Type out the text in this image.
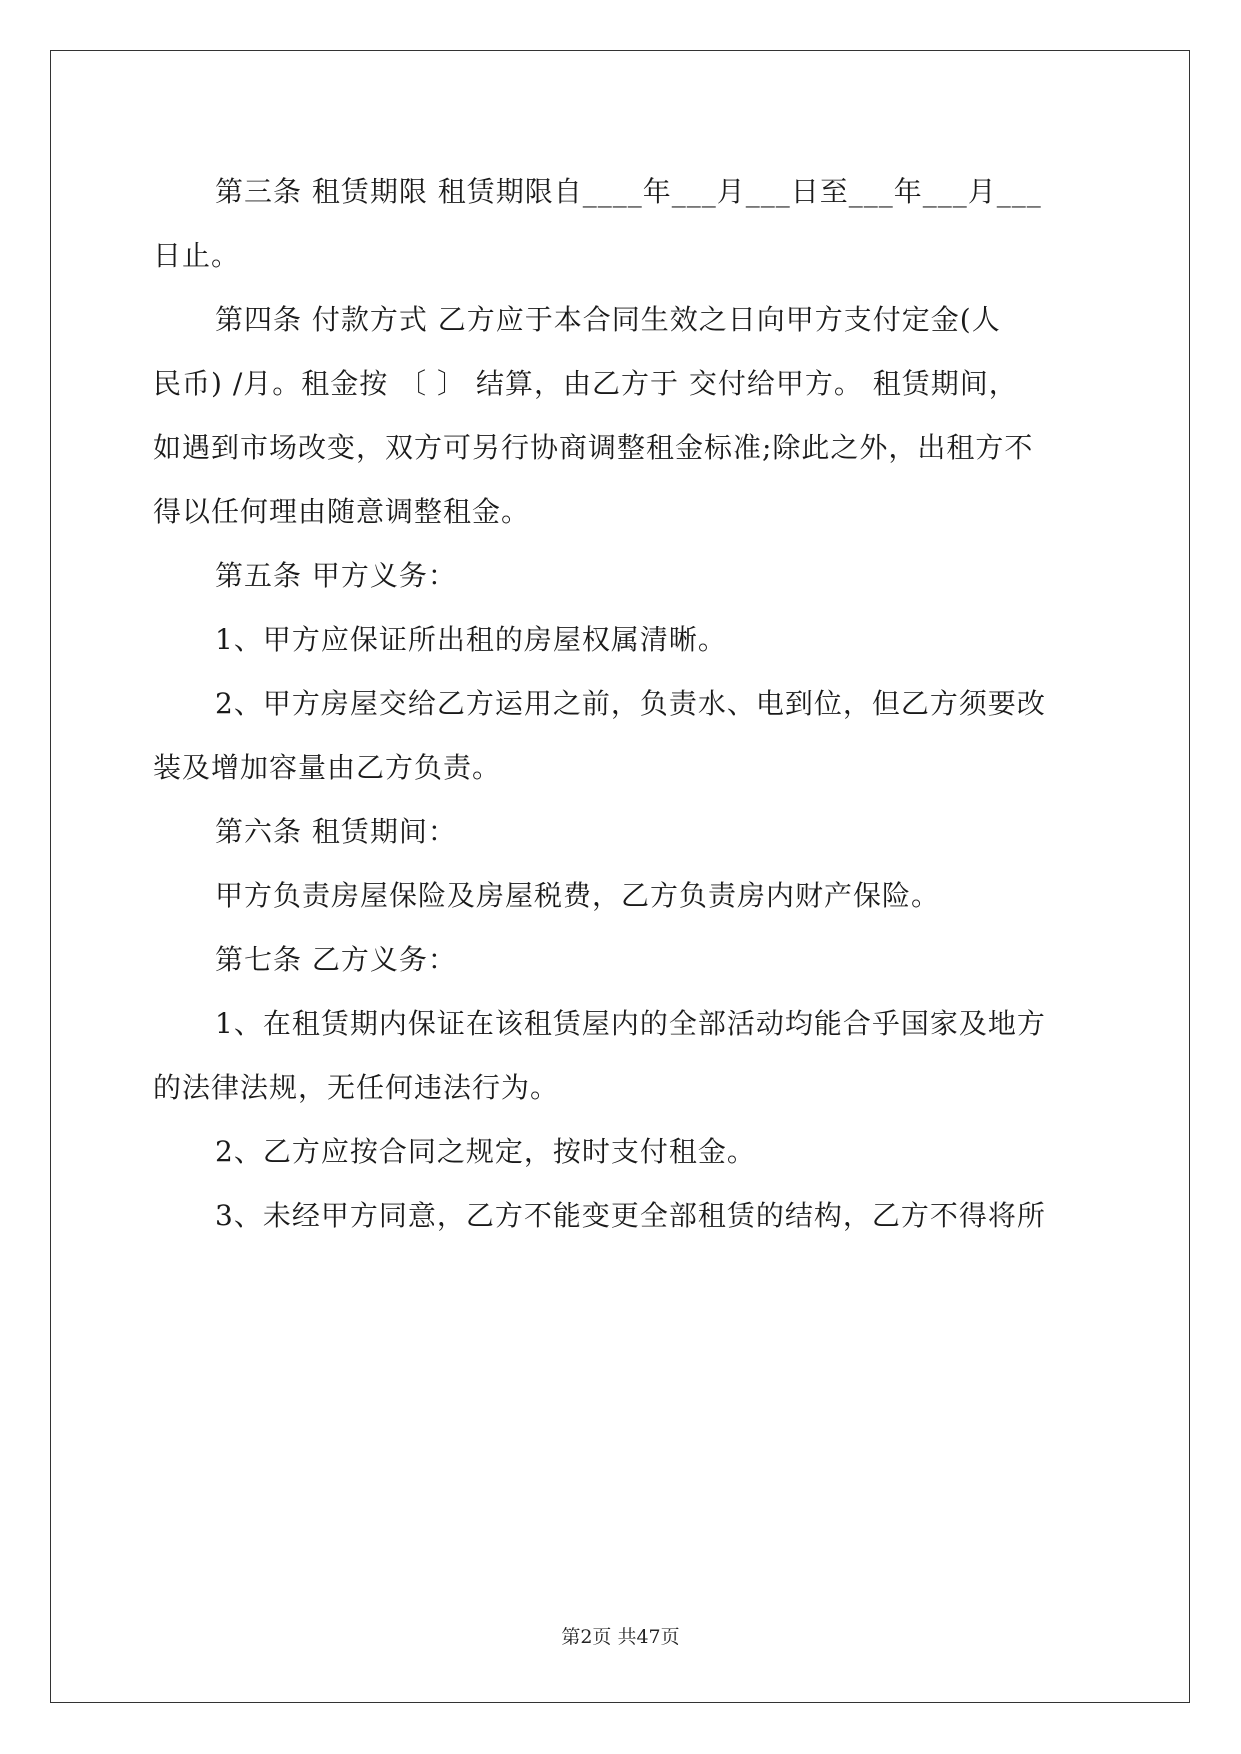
第三条 租赁期限 租赁期限自____年___月___日至___年___月___

日止。

第四条 付款方式 乙方应于本合同生效之日向甲方支付定金(人

民币) /月。租金按 〔 〕 结算，由乙方于 交付给甲方。 租赁期间，

如遇到市场改变，双方可另行协商调整租金标准;除此之外，出租方不

得以任何理由随意调整租金。

第五条 甲方义务：

1、甲方应保证所出租的房屋权属清晰。

2、甲方房屋交给乙方运用之前，负责水、电到位，但乙方须要改

装及增加容量由乙方负责。

第六条 租赁期间：

甲方负责房屋保险及房屋税费，乙方负责房内财产保险。

第七条 乙方义务：

1、在租赁期内保证在该租赁屋内的全部活动均能合乎国家及地方

的法律法规，无任何违法行为。

2、乙方应按合同之规定，按时支付租金。

3、未经甲方同意，乙方不能变更全部租赁的结构，乙方不得将所

第2页 共47页
